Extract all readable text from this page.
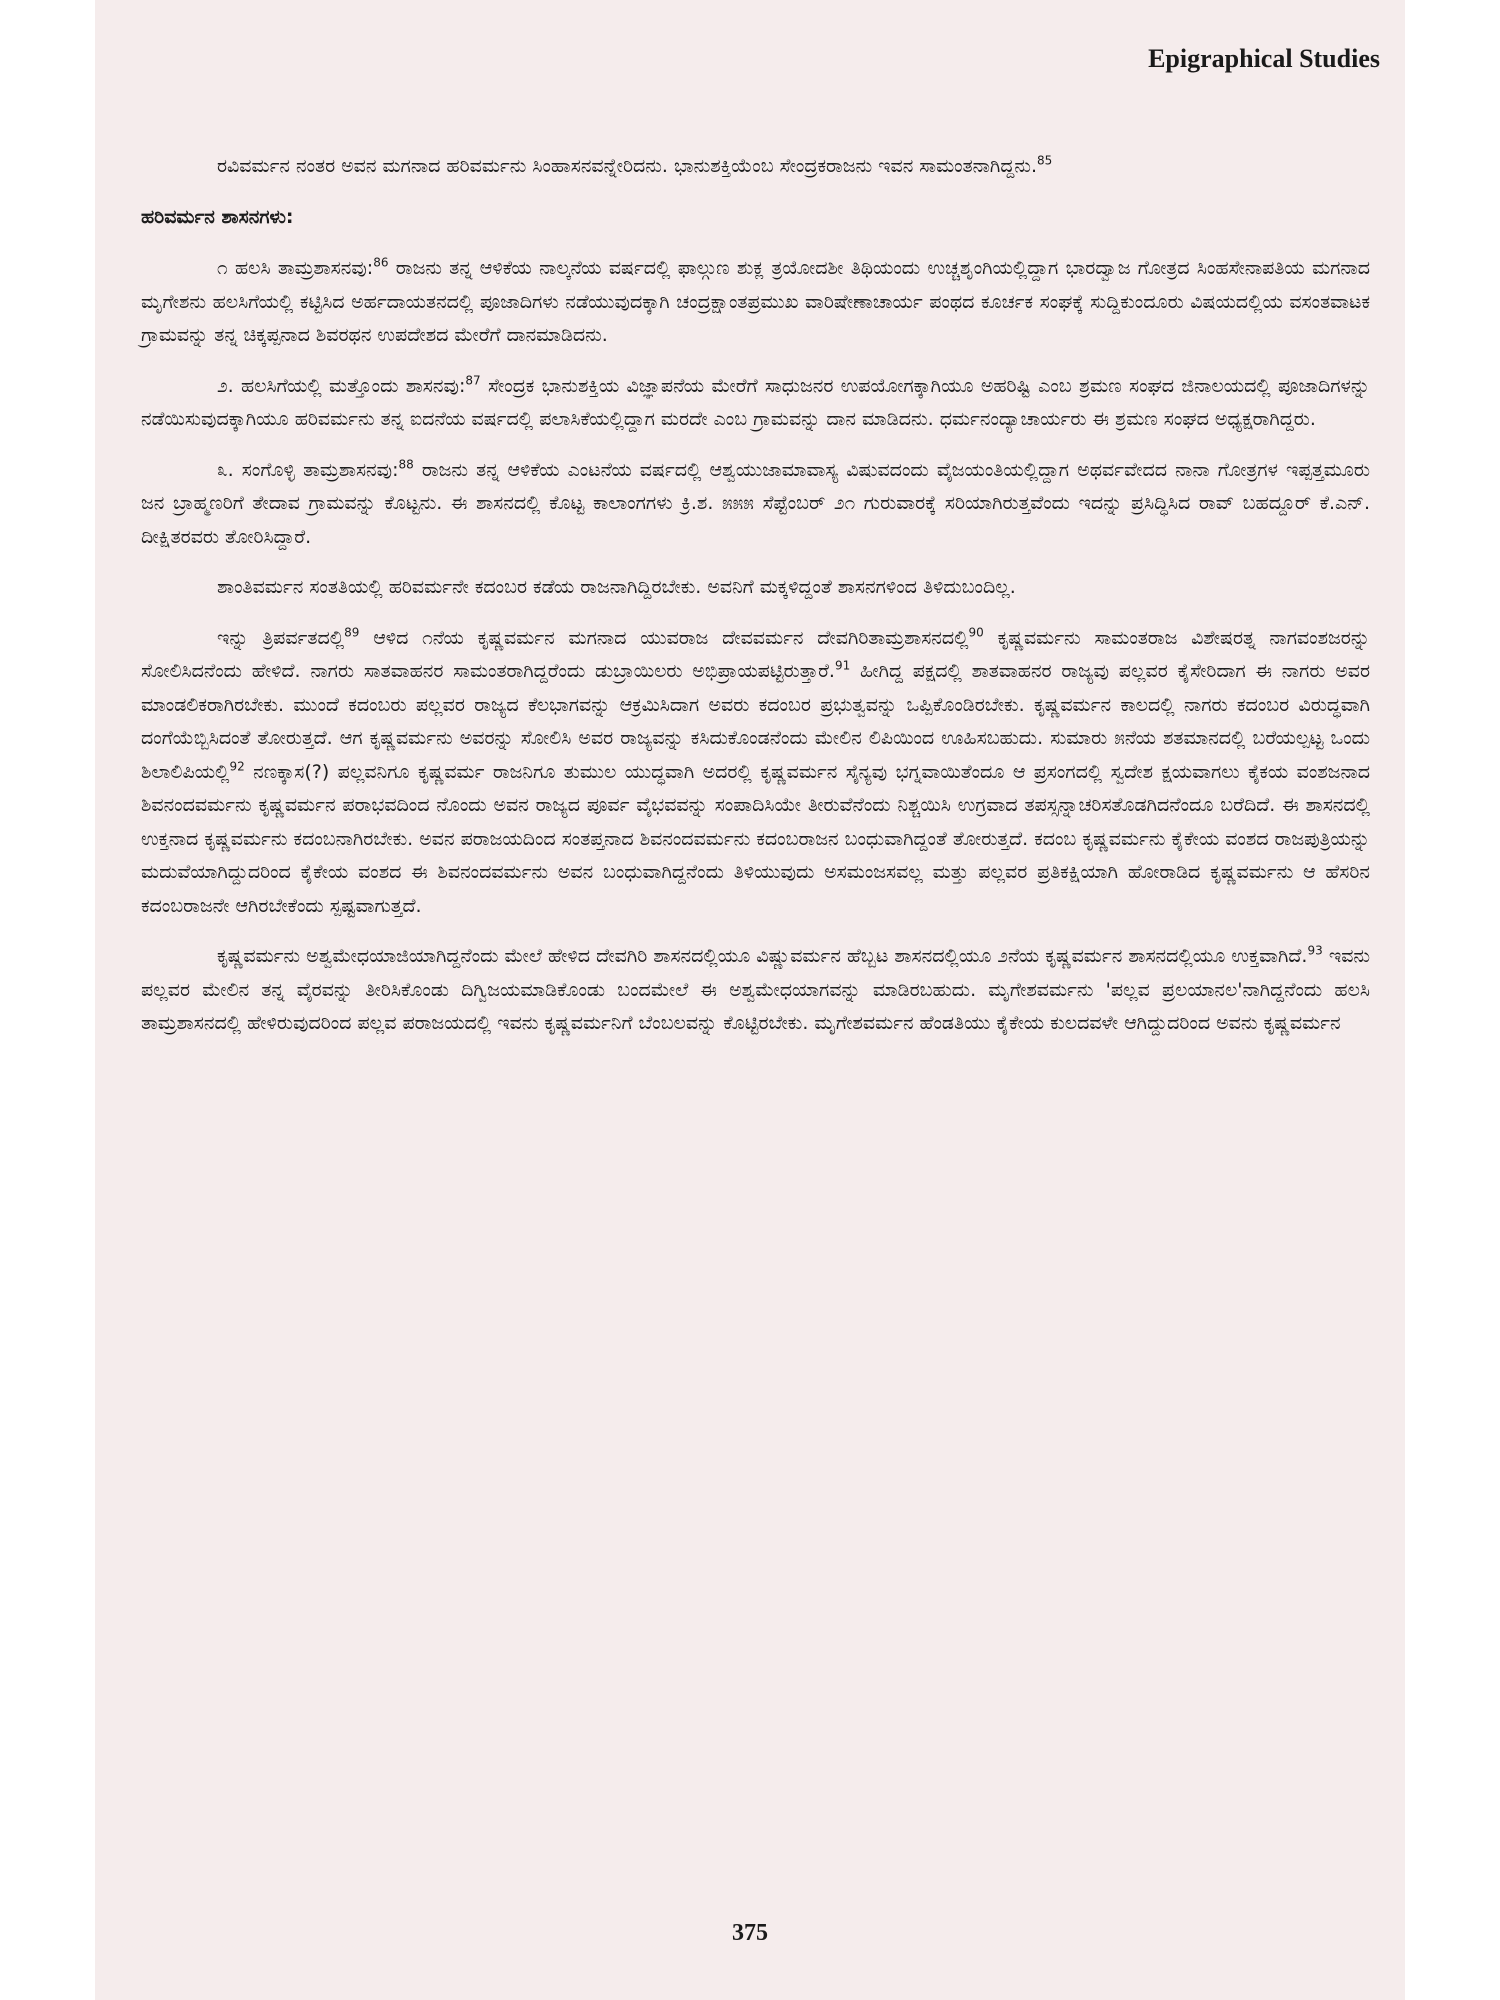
Epigraphical Studies

ರವಿವರ್ಮನ ನಂತರ ಅವನ ಮಗನಾದ ಹರಿವರ್ಮನು ಸಿಂಹಾಸನವನ್ನೇರಿದನು. ಭಾನುಶಕ್ತಿಯೆಂಬ ಸೇಂದ್ರಕರಾಜನು ಇವನ ಸಾಮಂತನಾಗಿದ್ದನು.$^{85}$

ಹರಿವರ್ಮನ ಶಾಸನಗಳು:

೧ ಹಲಸಿ ತಾಮ್ರಶಾಸನವು:$^{86}$ ರಾಜನು ತನ್ನ ಆಳಿಕೆಯ ನಾಲ್ಕನೆಯ ವರ್ಷದಲ್ಲಿ ಫಾಲ್ಗುಣ ಶುಕ್ಲ ತ್ರಯೋದಶೀ ತಿಥಿಯಂದು ಉಚ್ಚಶೃಂಗಿಯಲ್ಲಿದ್ದಾಗ ಭಾರದ್ವಾಜ ಗೋತ್ರದ ಸಿಂಹಸೇನಾಪತಿಯ ಮಗನಾದ ಮೃಗೇಶನು ಹಲಸಿಗೆಯಲ್ಲಿ ಕಟ್ಟಿಸಿದ ಅರ್ಹದಾಯತನದಲ್ಲಿ ಪೂಜಾದಿಗಳು ನಡೆಯುವುದಕ್ಕಾಗಿ ಚಂದ್ರಕ್ಷಾಂತಪ್ರಮುಖ ವಾರಿಷೇಣಾಚಾರ್ಯ ಪಂಥದ ಕೂರ್ಚಕ ಸಂಘಕ್ಕೆ ಸುದ್ದಿಕುಂದೂರು ವಿಷಯದಲ್ಲಿಯ ವಸಂತವಾಟಕ ಗ್ರಾಮವನ್ನು ತನ್ನ ಚಿಕ್ಕಪ್ಪನಾದ ಶಿವರಥನ ಉಪದೇಶದ ಮೇರೆಗೆ ದಾನಮಾಡಿದನು.

೨. ಹಲಸಿಗೆಯಲ್ಲಿ ಮತ್ತೊಂದು ಶಾಸನವು:$^{87}$ ಸೇಂದ್ರಕ ಭಾನುಶಕ್ತಿಯ ವಿಜ್ಞಾಪನೆಯ ಮೇರೆಗೆ ಸಾಧುಜನರ ಉಪಯೋಗಕ್ಕಾಗಿಯೂ ಅಹರಿಷ್ಟಿ ಎಂಬ ಶ್ರಮಣ ಸಂಘದ ಜಿನಾಲಯದಲ್ಲಿ ಪೂಜಾದಿಗಳನ್ನು ನಡೆಯಿಸುವುದಕ್ಕಾಗಿಯೂ ಹರಿವರ್ಮನು ತನ್ನ ಐದನೆಯ ವರ್ಷದಲ್ಲಿ ಪಲಾಸಿಕೆಯಲ್ಲಿದ್ದಾಗ ಮರದೇ ಎಂಬ ಗ್ರಾಮವನ್ನು ದಾನ ಮಾಡಿದನು. ಧರ್ಮನಂದ್ಯಾಚಾರ್ಯರು ಈ ಶ್ರಮಣ ಸಂಘದ ಅಧ್ಯಕ್ಷರಾಗಿದ್ದರು.

೩. ಸಂಗೊಳ್ಳಿ ತಾಮ್ರಶಾಸನವು:$^{88}$ ರಾಜನು ತನ್ನ ಆಳಿಕೆಯ ಎಂಟನೆಯ ವರ್ಷದಲ್ಲಿ ಆಶ್ವಯುಜಾಮಾವಾಸ್ಯ ವಿಷುವದಂದು ವೈಜಯಂತಿಯಲ್ಲಿದ್ದಾಗ ಅಥರ್ವವೇದದ ನಾನಾ ಗೋತ್ರಗಳ ಇಪ್ಪತ್ತಮೂರು ಜನ ಬ್ರಾಹ್ಮಣರಿಗೆ ತೇದಾವ ಗ್ರಾಮವನ್ನು ಕೊಟ್ಟನು. ಈ ಶಾಸನದಲ್ಲಿ ಕೊಟ್ಟ ಕಾಲಾಂಗಗಳು ಕ್ರಿ.ಶ. ೫೫೫ ಸೆಪ್ಟೆಂಬರ್ ೨೧ ಗುರುವಾರಕ್ಕೆ ಸರಿಯಾಗಿರುತ್ತವೆಂದು ಇದನ್ನು ಪ್ರಸಿದ್ಧಿಸಿದ ರಾವ್ ಬಹದ್ದೂರ್ ಕೆ.ಎನ್. ದೀಕ್ಷಿತರವರು ತೋರಿಸಿದ್ದಾರೆ.

ಶಾಂತಿವರ್ಮನ ಸಂತತಿಯಲ್ಲಿ ಹರಿವರ್ಮನೇ ಕದಂಬರ ಕಡೆಯ ರಾಜನಾಗಿದ್ದಿರಬೇಕು. ಅವನಿಗೆ ಮಕ್ಕಳಿದ್ದಂತೆ ಶಾಸನಗಳಿಂದ ತಿಳಿದುಬಂದಿಲ್ಲ.

ಇನ್ನು ತ್ರಿಪರ್ವತದಲ್ಲಿ$^{89}$ ಆಳಿದ ೧ನೆಯ ಕೃಷ್ಣವರ್ಮನ ಮಗನಾದ ಯುವರಾಜ ದೇವವರ್ಮನ ದೇವಗಿರಿತಾಮ್ರಶಾಸನದಲ್ಲಿ$^{90}$ ಕೃಷ್ಣವರ್ಮನು ಸಾಮಂತರಾಜ ವಿಶೇಷರತ್ನ ನಾಗವಂಶಜರನ್ನು ಸೋಲಿಸಿದನೆಂದು ಹೇಳಿದೆ. ನಾಗರು ಸಾತವಾಹನರ ಸಾಮಂತರಾಗಿದ್ದರೆಂದು ಡುಬ್ರಾಯಿಲರು ಅಭಿಪ್ರಾಯಪಟ್ಟಿರುತ್ತಾರೆ.$^{91}$ ಹೀಗಿದ್ದ ಪಕ್ಷದಲ್ಲಿ ಶಾತವಾಹನರ ರಾಜ್ಯವು ಪಲ್ಲವರ ಕೈಸೇರಿದಾಗ ಈ ನಾಗರು ಅವರ ಮಾಂಡಲಿಕರಾಗಿರಬೇಕು. ಮುಂದೆ ಕದಂಬರು ಪಲ್ಲವರ ರಾಜ್ಯದ ಕೆಲಭಾಗವನ್ನು ಆಕ್ರಮಿಸಿದಾಗ ಅವರು ಕದಂಬರ ಪ್ರಭುತ್ವವನ್ನು ಒಪ್ಪಿಕೊಂಡಿರಬೇಕು. ಕೃಷ್ಣವರ್ಮನ ಕಾಲದಲ್ಲಿ ನಾಗರು ಕದಂಬರ ವಿರುದ್ಧವಾಗಿ ದಂಗೆಯೆಬ್ಬಿಸಿದಂತೆ ತೋರುತ್ತದೆ. ಆಗ ಕೃಷ್ಣವರ್ಮನು ಅವರನ್ನು ಸೋಲಿಸಿ ಅವರ ರಾಜ್ಯವನ್ನು ಕಸಿದುಕೊಂಡನೆಂದು ಮೇಲಿನ ಲಿಪಿಯಿಂದ ಊಹಿಸಬಹುದು. ಸುಮಾರು ೫ನೆಯ ಶತಮಾನದಲ್ಲಿ ಬರೆಯಲ್ಪಟ್ಟ ಒಂದು ಶಿಲಾಲಿಪಿಯಲ್ಲಿ$^{92}$ ನಣಕ್ಕಾಸ(?) ಪಲ್ಲವನಿಗೂ ಕೃಷ್ಣವರ್ಮ ರಾಜನಿಗೂ ತುಮುಲ ಯುದ್ಧವಾಗಿ ಅದರಲ್ಲಿ ಕೃಷ್ಣವರ್ಮನ ಸೈನ್ಯವು ಭಗ್ನವಾಯಿತೆಂದೂ ಆ ಪ್ರಸಂಗದಲ್ಲಿ ಸ್ವದೇಶ ಕ್ಷಯವಾಗಲು ಕೈಕಯ ವಂಶಜನಾದ ಶಿವನಂದವರ್ಮನು ಕೃಷ್ಣವರ್ಮನ ಪರಾಭವದಿಂದ ನೊಂದು ಅವನ ರಾಜ್ಯದ ಪೂರ್ವ ವೈಭವವನ್ನು ಸಂಪಾದಿಸಿಯೇ ತೀರುವೆನೆಂದು ನಿಶ್ಚಯಿಸಿ ಉಗ್ರವಾದ ತಪಸ್ಸನ್ನಾಚರಿಸತೊಡಗಿದನೆಂದೂ ಬರೆದಿದೆ. ಈ ಶಾಸನದಲ್ಲಿ ಉಕ್ತನಾದ ಕೃಷ್ಣವರ್ಮನು ಕದಂಬನಾಗಿರಬೇಕು. ಅವನ ಪರಾಜಯದಿಂದ ಸಂತಪ್ತನಾದ ಶಿವನಂದವರ್ಮನು ಕದಂಬರಾಜನ ಬಂಧುವಾಗಿದ್ದಂತೆ ತೋರುತ್ತದೆ. ಕದಂಬ ಕೃಷ್ಣವರ್ಮನು ಕೈಕೇಯ ವಂಶದ ರಾಜಪುತ್ರಿಯನ್ನು ಮದುವೆಯಾಗಿದ್ದುದರಿಂದ ಕೈಕೇಯ ವಂಶದ ಈ ಶಿವನಂದವರ್ಮನು ಅವನ ಬಂಧುವಾಗಿದ್ದನೆಂದು ತಿಳಿಯುವುದು ಅಸಮಂಜಸವಲ್ಲ ಮತ್ತು ಪಲ್ಲವರ ಪ್ರತಿಕಕ್ಷಿಯಾಗಿ ಹೋರಾಡಿದ ಕೃಷ್ಣವರ್ಮನು ಆ ಹೆಸರಿನ ಕದಂಬರಾಜನೇ ಆಗಿರಬೇಕೆಂದು ಸ್ಪಷ್ಟವಾಗುತ್ತದೆ.

ಕೃಷ್ಣವರ್ಮನು ಅಶ್ವಮೇಧಯಾಜಿಯಾಗಿದ್ದನೆಂದು ಮೇಲೆ ಹೇಳಿದ ದೇವಗಿರಿ ಶಾಸನದಲ್ಲಿಯೂ ವಿಷ್ಣುವರ್ಮನ ಹೆಬ್ಬಟ ಶಾಸನದಲ್ಲಿಯೂ ೨ನೆಯ ಕೃಷ್ಣವರ್ಮನ ಶಾಸನದಲ್ಲಿಯೂ ಉಕ್ತವಾಗಿದೆ.$^{93}$ ಇವನು ಪಲ್ಲವರ ಮೇಲಿನ ತನ್ನ ವೈರವನ್ನು ತೀರಿಸಿಕೊಂಡು ದಿಗ್ವಿಜಯಮಾಡಿಕೊಂಡು ಬಂದಮೇಲೆ ಈ ಅಶ್ವಮೇಧಯಾಗವನ್ನು ಮಾಡಿರಬಹುದು. ಮೃಗೇಶವರ್ಮನು 'ಪಲ್ಲವ ಪ್ರಲಯಾನಲ'ನಾಗಿದ್ದನೆಂದು ಹಲಸಿ ತಾಮ್ರಶಾಸನದಲ್ಲಿ ಹೇಳಿರುವುದರಿಂದ ಪಲ್ಲವ ಪರಾಜಯದಲ್ಲಿ ಇವನು ಕೃಷ್ಣವರ್ಮನಿಗೆ ಬೆಂಬಲವನ್ನು ಕೊಟ್ಟಿರಬೇಕು. ಮೃಗೇಶವರ್ಮನ ಹೆಂಡತಿಯು ಕೈಕೇಯ ಕುಲದವಳೇ ಆಗಿದ್ದುದರಿಂದ ಅವನು ಕೃಷ್ಣವರ್ಮನ

375
